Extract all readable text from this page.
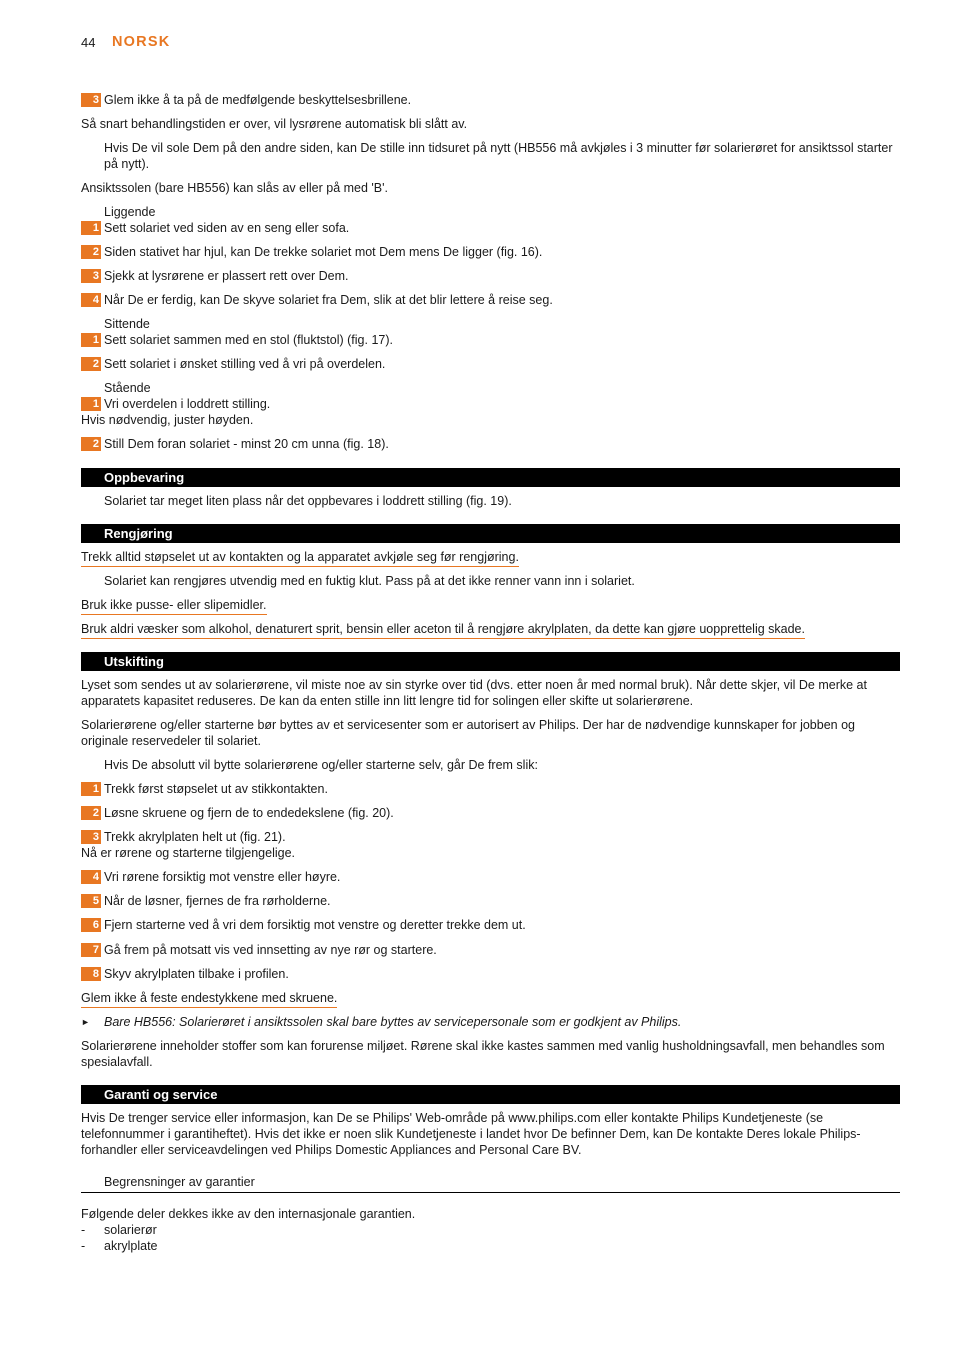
44 NORSK
3 Glem ikke å ta på de medfølgende beskyttelsesbrillene.
Så snart behandlingstiden er over, vil lysrørene automatisk bli slått av.
Hvis De vil sole Dem på den andre siden, kan De stille inn tidsuret på nytt (HB556 må avkjøles i 3 minutter før solarierøret for ansiktssol starter på nytt).
Ansiktssolen (bare HB556) kan slås av eller på med 'B'.
Liggende
1 Sett solariet ved siden av en seng eller sofa.
2 Siden stativet har hjul, kan De trekke solariet mot Dem mens De ligger (fig. 16).
3 Sjekk at lysrørene er plassert rett over Dem.
4 Når De er ferdig, kan De skyve solariet fra Dem, slik at det blir lettere å reise seg.
Sittende
1 Sett solariet sammen med en stol (fluktstol) (fig. 17).
2 Sett solariet i ønsket stilling ved å vri på overdelen.
Stående
1 Vri overdelen i loddrett stilling.
Hvis nødvendig, juster høyden.
2 Still Dem foran solariet - minst 20 cm unna (fig. 18).
Oppbevaring
Solariet tar meget liten plass når det oppbevares i loddrett stilling (fig. 19).
Rengjøring
Trekk alltid støpselet ut av kontakten og la apparatet avkjøle seg før rengjøring.
Solariet kan rengjøres utvendig med en fuktig klut. Pass på at det ikke renner vann inn i solariet.
Bruk ikke pusse- eller slipemidler.
Bruk aldri væsker som alkohol, denaturert sprit, bensin eller aceton til å rengjøre akrylplaten, da dette kan gjøre uopprettelig skade.
Utskifting
Lyset som sendes ut av solarierørene, vil miste noe av sin styrke over tid (dvs. etter noen år med normal bruk). Når dette skjer, vil De merke at apparatets kapasitet reduseres. De kan da enten stille inn litt lengre tid for solingen eller skifte ut solarierørene.
Solarierørene og/eller starterne bør byttes av et servicesenter som er autorisert av Philips. Der har de nødvendige kunnskaper for jobben og originale reservedeler til solariet.
Hvis De absolutt vil bytte solarierørene og/eller starterne selv, går De frem slik:
1 Trekk først støpselet ut av stikkontakten.
2 Løsne skruene og fjern de to endedekslene (fig. 20).
3 Trekk akrylplaten helt ut (fig. 21).
Nå er rørene og starterne tilgjengelige.
4 Vri rørene forsiktig mot venstre eller høyre.
5 Når de løsner, fjernes de fra rørholderne.
6 Fjern starterne ved å vri dem forsiktig mot venstre og deretter trekke dem ut.
7 Gå frem på motsatt vis ved innsetting av nye rør og startere.
8 Skyv akrylplaten tilbake i profilen.
Glem ikke å feste endestykkene med skruene.
► Bare HB556: Solarierøret i ansiktssolen skal bare byttes av servicepersonale som er godkjent av Philips.
Solarierørene inneholder stoffer som kan forurense miljøet. Rørene skal ikke kastes sammen med vanlig husholdningsavfall, men behandles som spesialavfall.
Garanti og service
Hvis De trenger service eller informasjon, kan De se Philips' Web-område på www.philips.com eller kontakte Philips Kundetjeneste (se telefonnummer i garantiheftet). Hvis det ikke er noen slik Kundetjeneste i landet hvor De befinner Dem, kan De kontakte Deres lokale Philips-forhandler eller serviceavdelingen ved Philips Domestic Appliances and Personal Care BV.
Begrensninger av garantier
Følgende deler dekkes ikke av den internasjonale garantien.
- solarierør
- akrylplate
